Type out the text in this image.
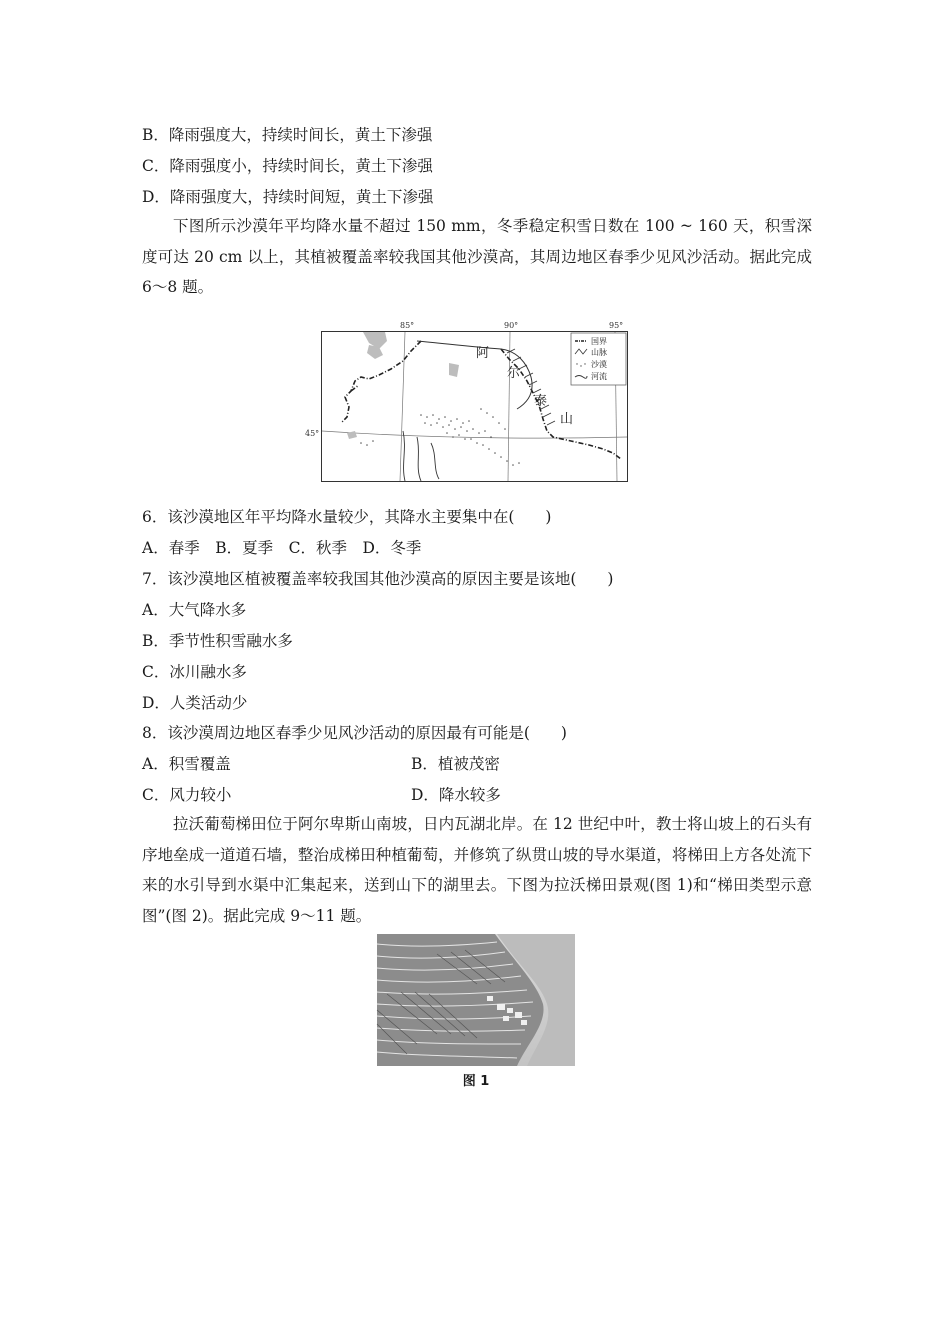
B．降雨强度大，持续时间长，黄土下渗强
C．降雨强度小，持续时间长，黄土下渗强
D．降雨强度大，持续时间短，黄土下渗强
下图所示沙漠年平均降水量不超过 150 mm，冬季稳定积雪日数在 100 ~ 160 天，积雪深度可达 20 cm 以上，其植被覆盖率较我国其他沙漠高，其周边地区春季少见风沙活动。据此完成 6～8 题。
85°	90°	95°
45°
阿
尔
泰
山
国界
山脉
沙漠
河流
6．该沙漠地区年平均降水量较少，其降水主要集中在(　　)
A．春季　B．夏季　C．秋季　D．冬季
7．该沙漠地区植被覆盖率较我国其他沙漠高的原因主要是该地(　　)
A．大气降水多
B．季节性积雪融水多
C．冰川融水多
D．人类活动少
8．该沙漠周边地区春季少见风沙活动的原因最有可能是(　　)
A．积雪覆盖	B．植被茂密
C．风力较小	D．降水较多
拉沃葡萄梯田位于阿尔卑斯山南坡，日内瓦湖北岸。在 12 世纪中叶，教士将山坡上的石头有序地垒成一道道石墙，整治成梯田种植葡萄，并修筑了纵贯山坡的导水渠道，将梯田上方各处流下来的水引导到水渠中汇集起来，送到山下的湖里去。下图为拉沃梯田景观(图 1)和“梯田类型示意图”(图 2)。据此完成 9～11 题。
图 1
